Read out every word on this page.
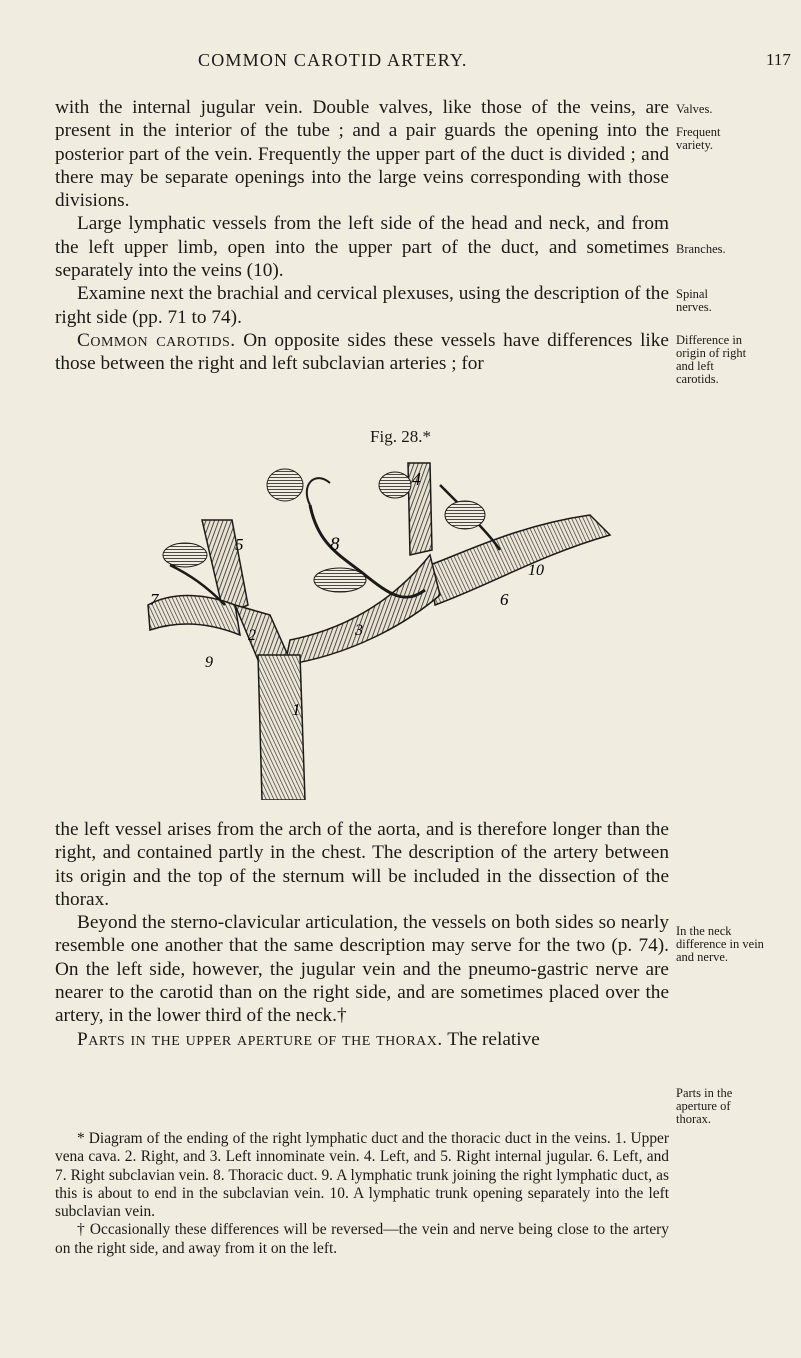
COMMON CAROTID ARTERY.	117

with the internal jugular vein. Double valves, like those of the veins, are present in the interior of the tube ; and a pair guards the opening into the posterior part of the vein. Frequently the upper part of the duct is divided ; and there may be separate openings into the large veins corresponding with those divisions.

Large lymphatic vessels from the left side of the head and neck, and from the left upper limb, open into the upper part of the duct, and sometimes separately into the veins (10).

Examine next the brachial and cervical plexuses, using the description of the right side (pp. 71 to 74).

Common carotids. On opposite sides these vessels have differences like those between the right and left subclavian arteries ; for

Valves.
Frequent variety.
Branches.
Spinal nerves.
Difference in origin of right and left carotids.
In the neck difference in vein and nerve.
Parts in the aperture of thorax.
Fig. 28.*
1
2	3
4
5
6
7
8
9
10

the left vessel arises from the arch of the aorta, and is therefore longer than the right, and contained partly in the chest. The description of the artery between its origin and the top of the sternum will be included in the dissection of the thorax.

Beyond the sterno-clavicular articulation, the vessels on both sides so nearly resemble one another that the same description may serve for the two (p. 74). On the left side, however, the jugular vein and the pneumo-gastric nerve are nearer to the carotid than on the right side, and are sometimes placed over the artery, in the lower third of the neck.†

Parts in the upper aperture of the thorax. The relative

* Diagram of the ending of the right lymphatic duct and the thoracic duct in the veins. 1. Upper vena cava. 2. Right, and 3. Left innominate vein. 4. Left, and 5. Right internal jugular. 6. Left, and 7. Right subclavian vein. 8. Thoracic duct. 9. A lymphatic trunk joining the right lymphatic duct, as this is about to end in the subclavian vein. 10. A lymphatic trunk opening separately into the left subclavian vein.

† Occasionally these differences will be reversed—the vein and nerve being close to the artery on the right side, and away from it on the left.
